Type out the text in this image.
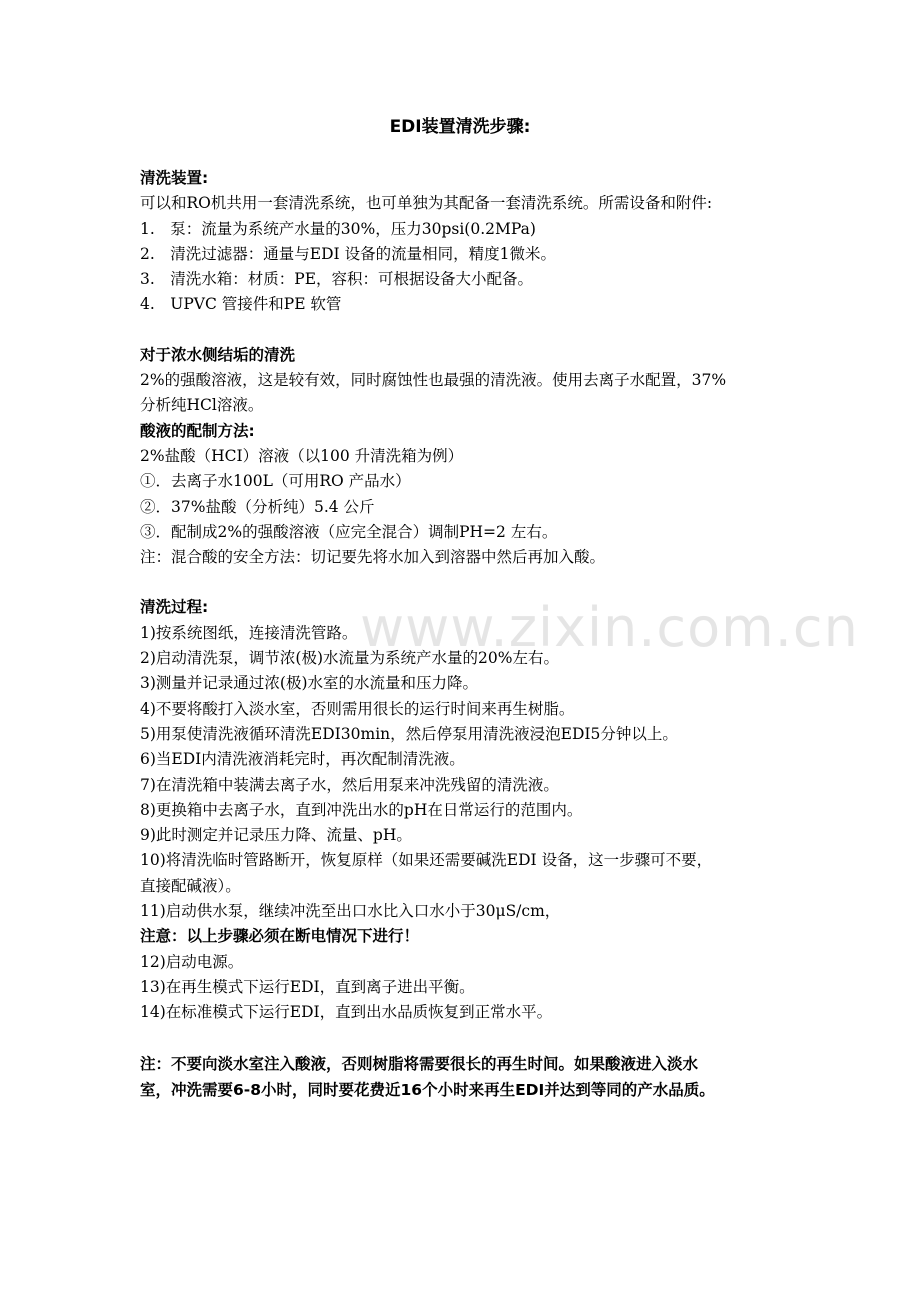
EDI装置清洗步骤:
www.zixin.com.cn
清洗装置:
可以和RO机共用一套清洗系统，也可单独为其配备一套清洗系统。所需设备和附件:
1.　泵：流量为系统产水量的30%，压力30psi(0.2MPa)
2.　清洗过滤器：通量与EDI 设备的流量相同，精度1微米。
3.　清洗水箱：材质：PE，容积：可根据设备大小配备。
4.　UPVC 管接件和PE 软管
对于浓水侧结垢的清洗
2%的强酸溶液，这是较有效，同时腐蚀性也最强的清洗液。使用去离子水配置，37%
分析纯HCl溶液。
酸液的配制方法:
2%盐酸（HCI）溶液（以100 升清洗箱为例）
①．去离子水100L（可用RO 产品水）
②．37%盐酸（分析纯）5.4 公斤
③．配制成2%的强酸溶液（应完全混合）调制PH=2 左右。
注：混合酸的安全方法：切记要先将水加入到溶器中然后再加入酸。
清洗过程:
1)按系统图纸，连接清洗管路。
2)启动清洗泵，调节浓(极)水流量为系统产水量的20%左右。
3)测量并记录通过浓(极)水室的水流量和压力降。
4)不要将酸打入淡水室，否则需用很长的运行时间来再生树脂。
5)用泵使清洗液循环清洗EDI30min，然后停泵用清洗液浸泡EDI5分钟以上。
6)当EDI内清洗液消耗完时，再次配制清洗液。
7)在清洗箱中装满去离子水，然后用泵来冲洗残留的清洗液。
8)更换箱中去离子水，直到冲洗出水的pH在日常运行的范围内。
9)此时测定并记录压力降、流量、pH。
10)将清洗临时管路断开，恢复原样（如果还需要碱洗EDI 设备，这一步骤可不要，
直接配碱液）。
11)启动供水泵，继续冲洗至出口水比入口水小于30μS/cm，
注意：以上步骤必须在断电情况下进行！
12)启动电源。
13)在再生模式下运行EDI，直到离子进出平衡。
14)在标准模式下运行EDI，直到出水品质恢复到正常水平。
注：不要向淡水室注入酸液，否则树脂将需要很长的再生时间。如果酸液进入淡水
室，冲洗需要6-8小时，同时要花费近16个小时来再生EDI并达到等同的产水品质。
